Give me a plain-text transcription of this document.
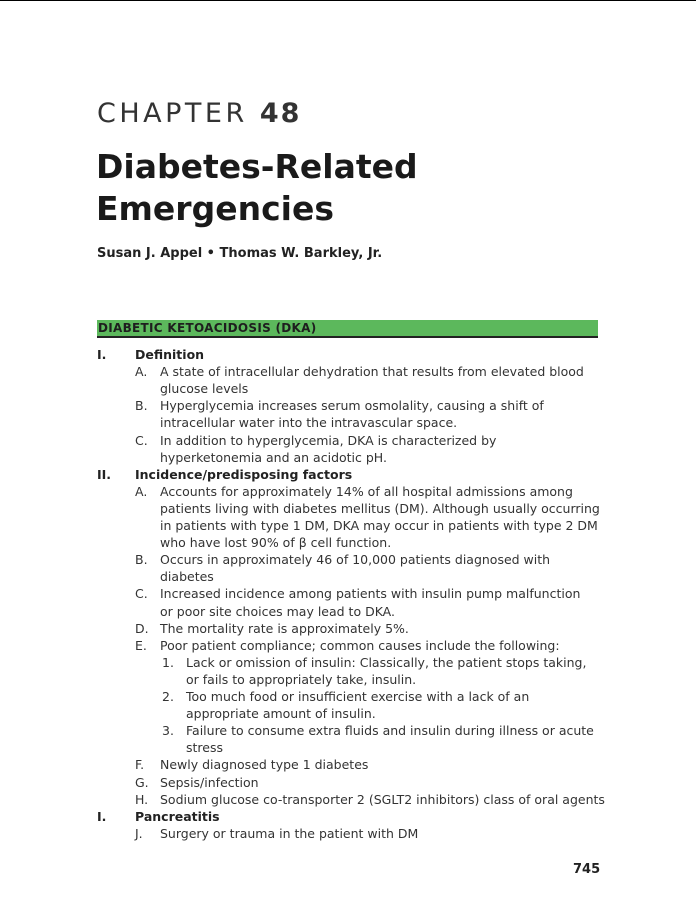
CHAPTER 48
Diabetes-Related
Emergencies
Susan J. Appel • Thomas W. Barkley, Jr.
DIABETIC KETOACIDOSIS (DKA)
I. Definition
A. A state of intracellular dehydration that results from elevated blood
glucose levels
B. Hyperglycemia increases serum osmolality, causing a shift of
intracellular water into the intravascular space.
C. In addition to hyperglycemia, DKA is characterized by
hyperketonemia and an acidotic pH.
II. Incidence/predisposing factors
A. Accounts for approximately 14% of all hospital admissions among
patients living with diabetes mellitus (DM). Although usually occurring
in patients with type 1 DM, DKA may occur in patients with type 2 DM
who have lost 90% of β cell function.
B. Occurs in approximately 46 of 10,000 patients diagnosed with
diabetes
C. Increased incidence among patients with insulin pump malfunction
or poor site choices may lead to DKA.
D. The mortality rate is approximately 5%.
E. Poor patient compliance; common causes include the following:
1. Lack or omission of insulin: Classically, the patient stops taking,
or fails to appropriately take, insulin.
2. Too much food or insufficient exercise with a lack of an
appropriate amount of insulin.
3. Failure to consume extra fluids and insulin during illness or acute
stress
F. Newly diagnosed type 1 diabetes
G. Sepsis/infection
H. Sodium glucose co-transporter 2 (SGLT2 inhibitors) class of oral agents
I. Pancreatitis
J. Surgery or trauma in the patient with DM
745
